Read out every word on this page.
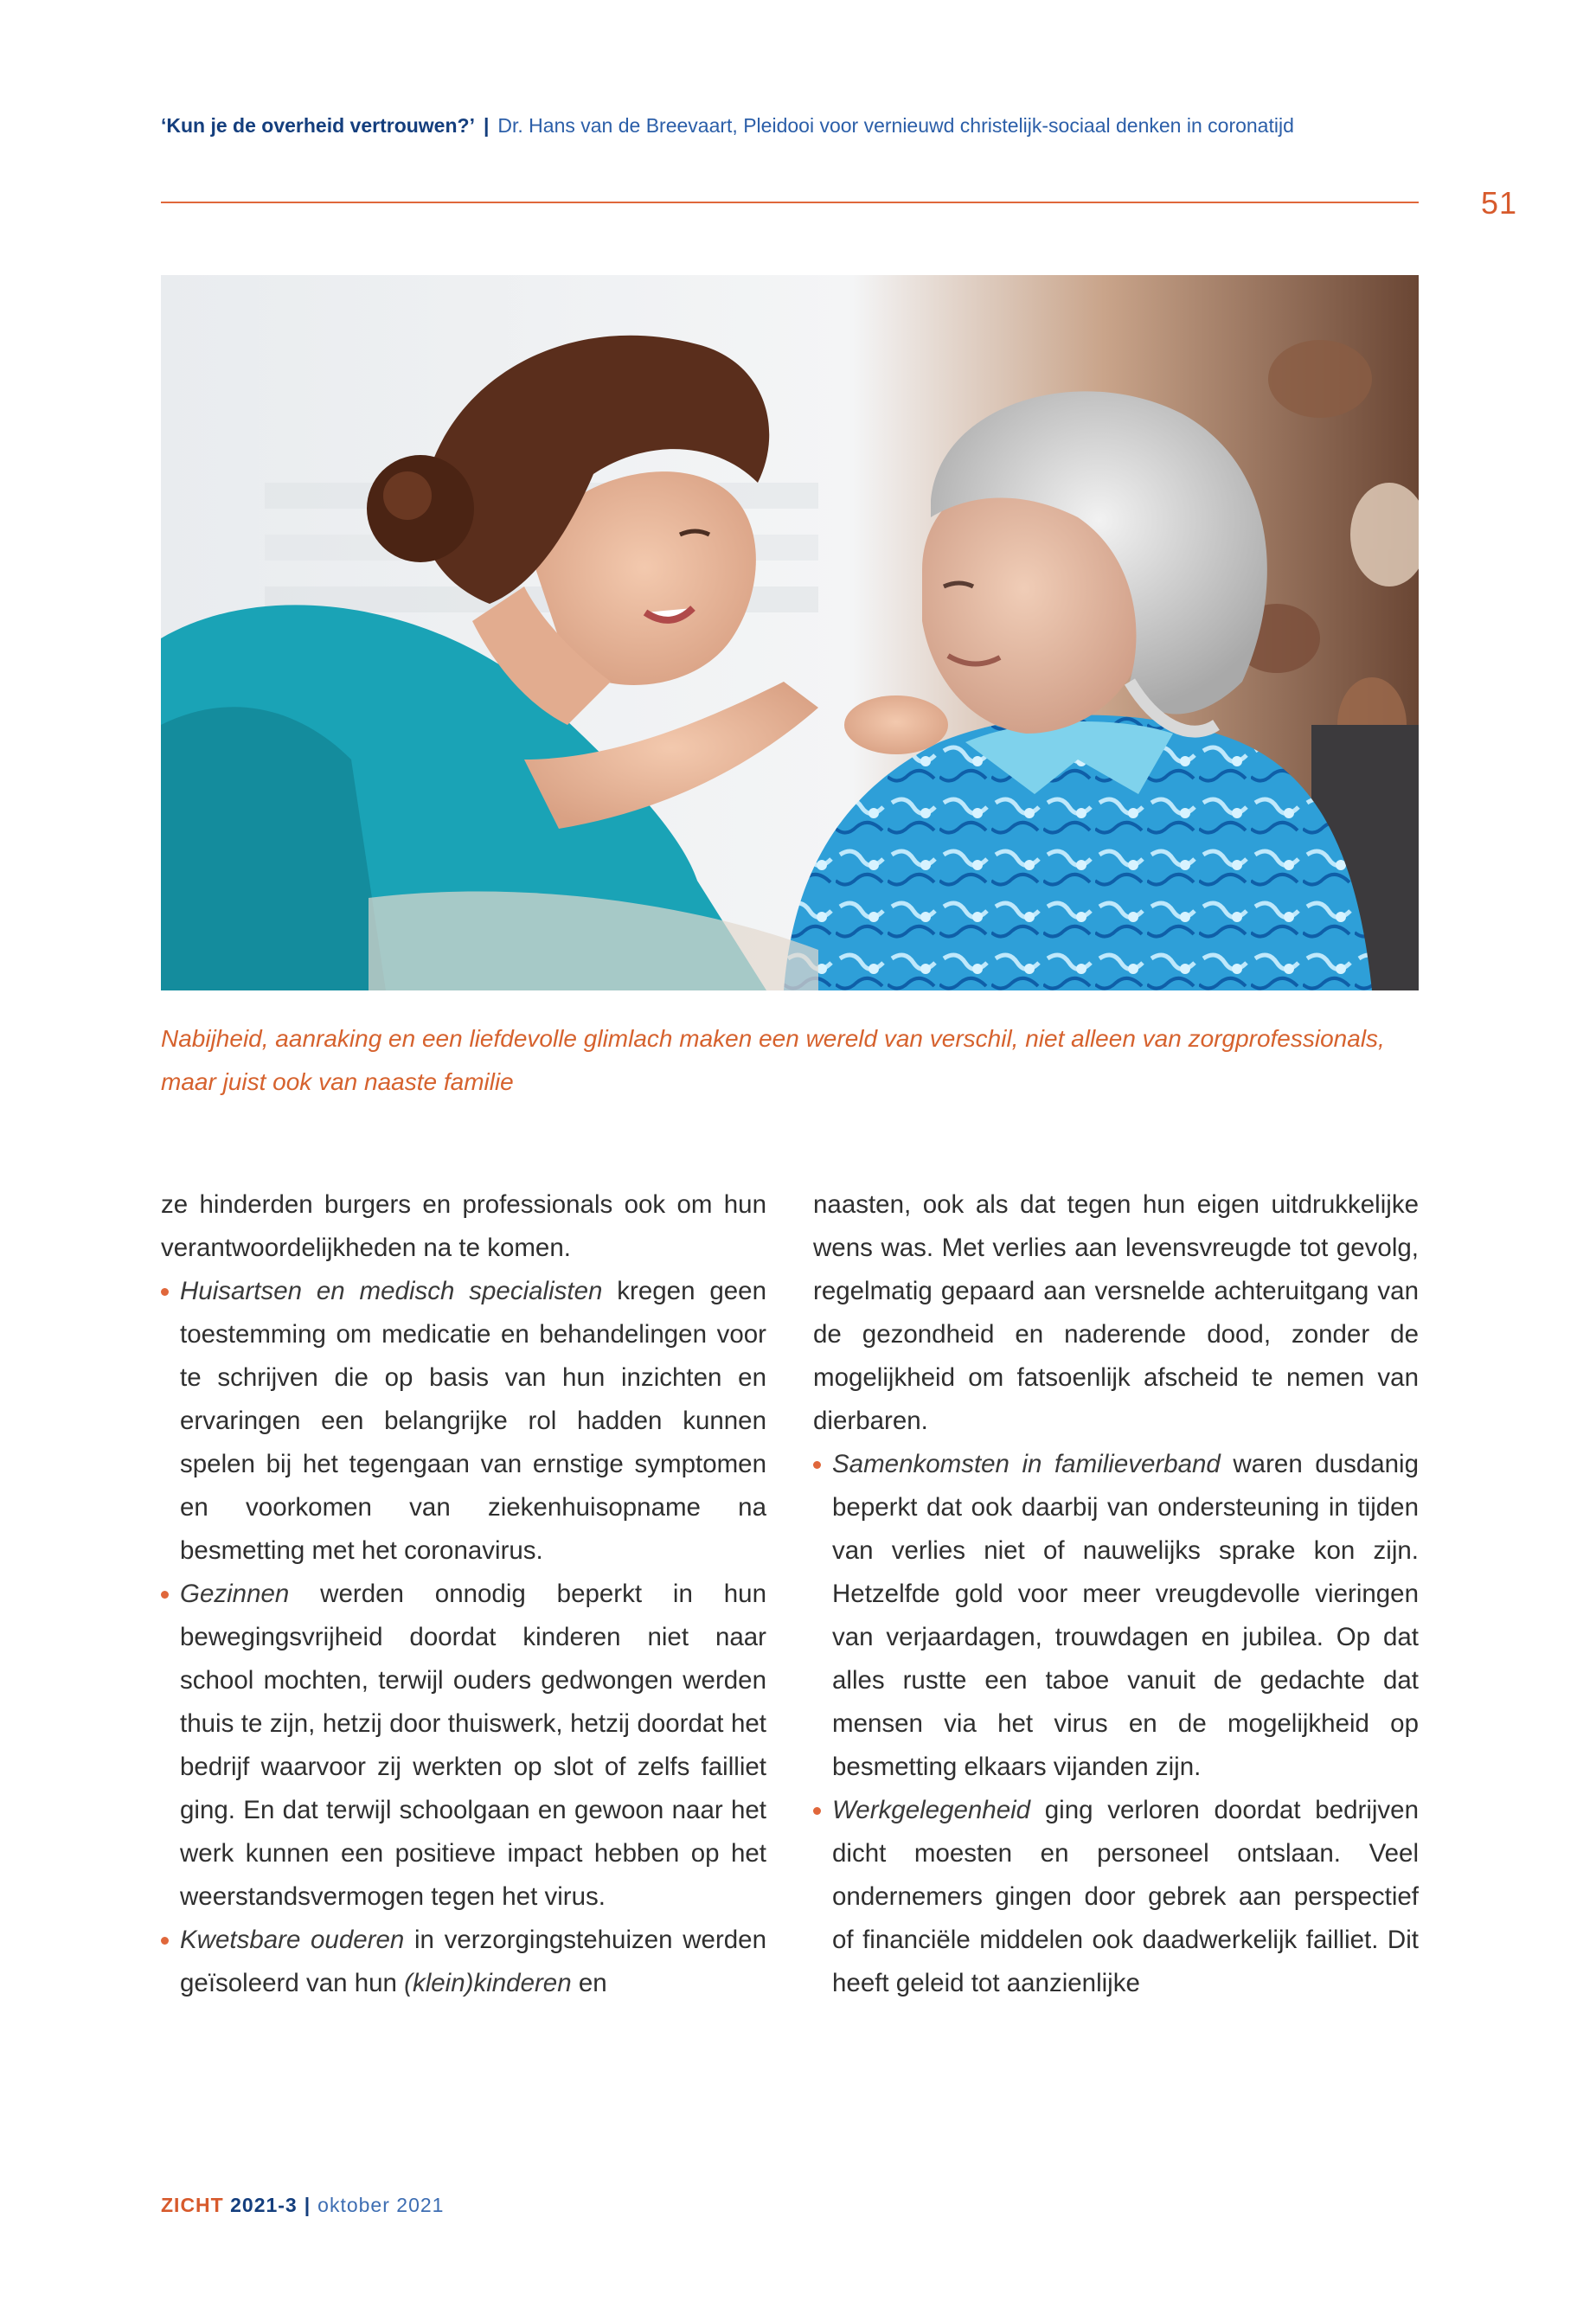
‘Kun je de overheid vertrouwen?’ | Dr. Hans van de Breevaart, Pleidooi voor vernieuwd christelijk-sociaal denken in coronatijd
51
Nabijheid, aanraking en een liefdevolle glimlach maken een wereld van verschil, niet alleen van zorgprofessionals, maar juist ook van naaste familie

ze hinderden burgers en professionals ook om hun verantwoordelijkheden na te komen.

Huisartsen en medisch specialisten kregen geen toestemming om medicatie en behandelingen voor te schrijven die op basis van hun inzichten en ervaringen een belangrijke rol hadden kunnen spelen bij het tegengaan van ernstige symptomen en voorkomen van ziekenhuisopname na besmetting met het coronavirus.

Gezinnen werden onnodig beperkt in hun bewegingsvrijheid doordat kinderen niet naar school mochten, terwijl ouders gedwongen werden thuis te zijn, hetzij door thuiswerk, hetzij doordat het bedrijf waarvoor zij werkten op slot of zelfs failliet ging. En dat terwijl schoolgaan en gewoon naar het werk kunnen een positieve impact hebben op het weerstandsvermogen tegen het virus.

Kwetsbare ouderen in verzorgingstehuizen werden geïsoleerd van hun (klein)kinderen en

naasten, ook als dat tegen hun eigen uitdrukkelijke wens was. Met verlies aan levensvreugde tot gevolg, regelmatig gepaard aan versnelde achteruitgang van de gezondheid en naderende dood, zonder de mogelijkheid om fatsoenlijk afscheid te nemen van dierbaren.

Samenkomsten in familieverband waren dusdanig beperkt dat ook daarbij van ondersteuning in tijden van verlies niet of nauwelijks sprake kon zijn. Hetzelfde gold voor meer vreugdevolle vieringen van verjaardagen, trouwdagen en jubilea. Op dat alles rustte een taboe vanuit de gedachte dat mensen via het virus en de mogelijkheid op besmetting elkaars vijanden zijn.

Werkgelegenheid ging verloren doordat bedrijven dicht moesten en personeel ontslaan. Veel ondernemers gingen door gebrek aan perspectief of financiële middelen ook daadwerkelijk failliet. Dit heeft geleid tot aanzienlijke

ZICHT 2021-3 | oktober 2021
